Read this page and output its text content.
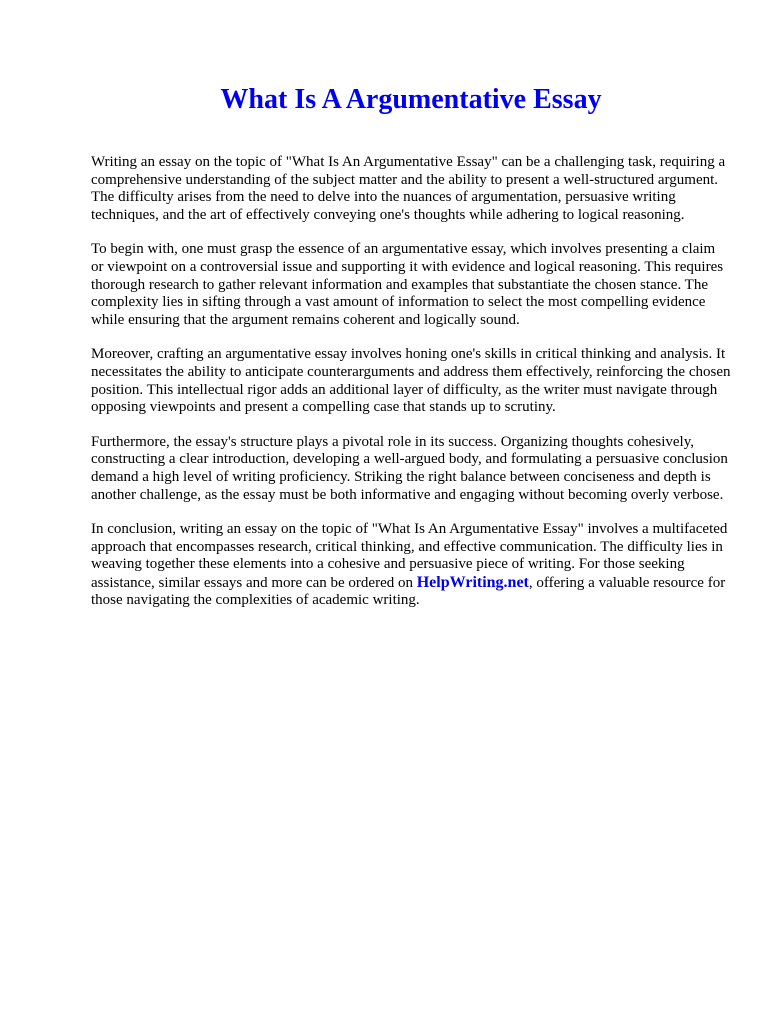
What Is A Argumentative Essay

Writing an essay on the topic of "What Is An Argumentative Essay" can be a challenging task, requiring a comprehensive understanding of the subject matter and the ability to present a well-structured argument. The difficulty arises from the need to delve into the nuances of argumentation, persuasive writing techniques, and the art of effectively conveying one's thoughts while adhering to logical reasoning.

To begin with, one must grasp the essence of an argumentative essay, which involves presenting a claim or viewpoint on a controversial issue and supporting it with evidence and logical reasoning. This requires thorough research to gather relevant information and examples that substantiate the chosen stance. The complexity lies in sifting through a vast amount of information to select the most compelling evidence while ensuring that the argument remains coherent and logically sound.

Moreover, crafting an argumentative essay involves honing one's skills in critical thinking and analysis. It necessitates the ability to anticipate counterarguments and address them effectively, reinforcing the chosen position. This intellectual rigor adds an additional layer of difficulty, as the writer must navigate through opposing viewpoints and present a compelling case that stands up to scrutiny.

Furthermore, the essay's structure plays a pivotal role in its success. Organizing thoughts cohesively, constructing a clear introduction, developing a well-argued body, and formulating a persuasive conclusion demand a high level of writing proficiency. Striking the right balance between conciseness and depth is another challenge, as the essay must be both informative and engaging without becoming overly verbose.

In conclusion, writing an essay on the topic of "What Is An Argumentative Essay" involves a multifaceted approach that encompasses research, critical thinking, and effective communication. The difficulty lies in weaving together these elements into a cohesive and persuasive piece of writing. For those seeking assistance, similar essays and more can be ordered on HelpWriting.net, offering a valuable resource for those navigating the complexities of academic writing.
